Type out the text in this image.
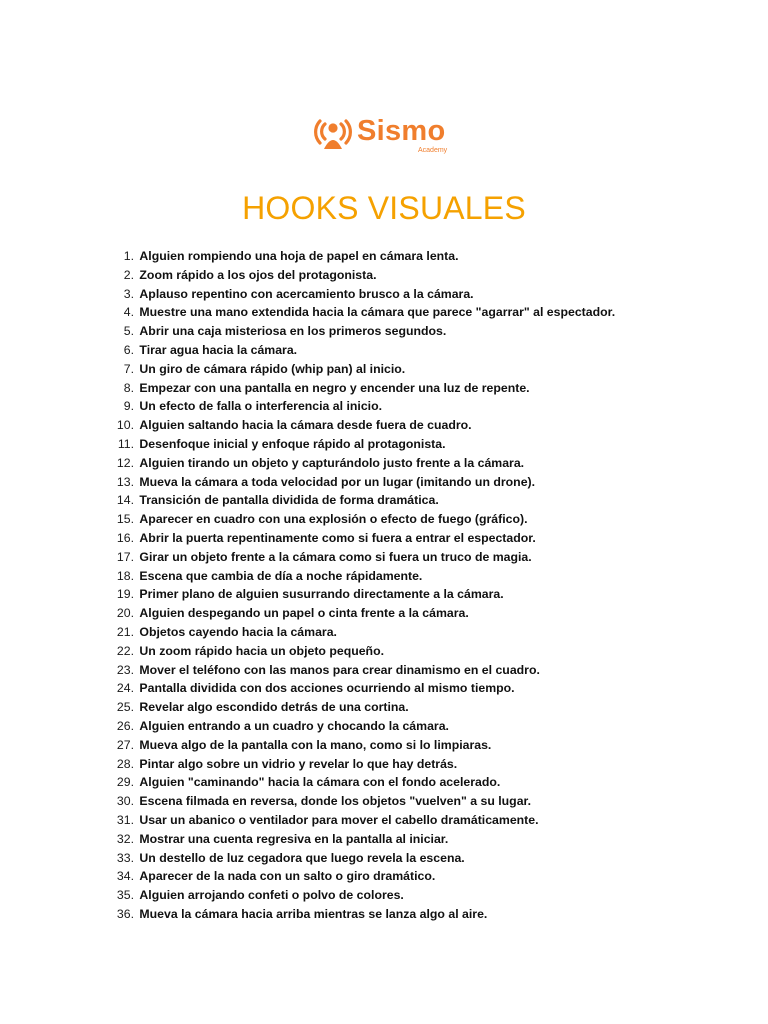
Sismo
Academy
HOOKS VISUALES
1. Alguien rompiendo una hoja de papel en cámara lenta.
2. Zoom rápido a los ojos del protagonista.
3. Aplauso repentino con acercamiento brusco a la cámara.
4. Muestre una mano extendida hacia la cámara que parece "agarrar" al espectador.
5. Abrir una caja misteriosa en los primeros segundos.
6. Tirar agua hacia la cámara.
7. Un giro de cámara rápido (whip pan) al inicio.
8. Empezar con una pantalla en negro y encender una luz de repente.
9. Un efecto de falla o interferencia al inicio.
10. Alguien saltando hacia la cámara desde fuera de cuadro.
11. Desenfoque inicial y enfoque rápido al protagonista.
12. Alguien tirando un objeto y capturándolo justo frente a la cámara.
13. Mueva la cámara a toda velocidad por un lugar (imitando un drone).
14. Transición de pantalla dividida de forma dramática.
15. Aparecer en cuadro con una explosión o efecto de fuego (gráfico).
16. Abrir la puerta repentinamente como si fuera a entrar el espectador.
17. Girar un objeto frente a la cámara como si fuera un truco de magia.
18. Escena que cambia de día a noche rápidamente.
19. Primer plano de alguien susurrando directamente a la cámara.
20. Alguien despegando un papel o cinta frente a la cámara.
21. Objetos cayendo hacia la cámara.
22. Un zoom rápido hacia un objeto pequeño.
23. Mover el teléfono con las manos para crear dinamismo en el cuadro.
24. Pantalla dividida con dos acciones ocurriendo al mismo tiempo.
25. Revelar algo escondido detrás de una cortina.
26. Alguien entrando a un cuadro y chocando la cámara.
27. Mueva algo de la pantalla con la mano, como si lo limpiaras.
28. Pintar algo sobre un vidrio y revelar lo que hay detrás.
29. Alguien "caminando" hacia la cámara con el fondo acelerado.
30. Escena filmada en reversa, donde los objetos "vuelven" a su lugar.
31. Usar un abanico o ventilador para mover el cabello dramáticamente.
32. Mostrar una cuenta regresiva en la pantalla al iniciar.
33. Un destello de luz cegadora que luego revela la escena.
34. Aparecer de la nada con un salto o giro dramático.
35. Alguien arrojando confeti o polvo de colores.
36. Mueva la cámara hacia arriba mientras se lanza algo al aire.
